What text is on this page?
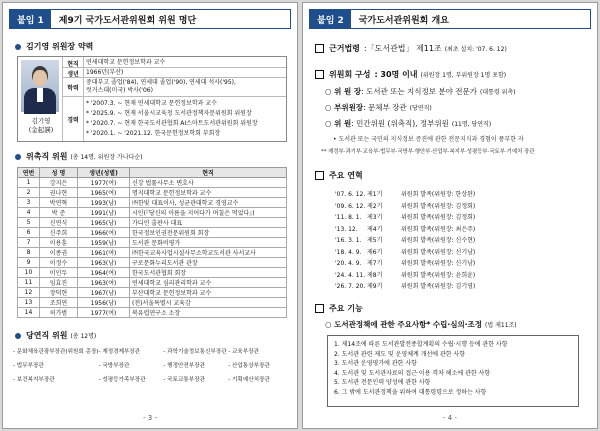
붙임 1	제9기 국가도서관위원회 위원 명단
김기영 위원장 약력
김기영
(金起韺)
현직	연세대학교 문헌정보학과 교수
생년	1966년(부산)
학력
중대부고 졸업('84), 연세대 졸업('90), 연세대 석사('95),
럿거스대(미국) 박사('06)
경력
* '2007.3. ~ 현재 연세대학교 문헌정보학과 교수
* '2025.9. ~ 현재 서울시교육청 도서관정책자문위원회 위원장
* '2020.7. ~ 현재 한국도서관협회 AI스마트도서관위원회 위원장
* '2020.1. ~ '2021.12. 한국문헌정보학회 부회장
위촉직 위원 (총 14명, 위원장 가나다순)
연번	성 명	생년(성별)	현직
1	강지은	1977(여)	신강 법률사무소 변호사
2	권나현	1965(여)	명지대학교 문헌정보학과 교수
3	박연혁	1993(남)	㈜한빛 대표이사, 성균관대학교 경영교수
4	박 준	1991(남)	시인(『당신의 이름을 지어다가 며칠은 먹었다』)
5	신연식	1965(남)	가디언 출판사 대표
6	신주희	1966(여)	한국정보인권전문위원회 회장
7	이용훈	1959(남)	도서관 문화비평가
8	이종권	1961(여)	㈜한국교육사업시설사무소학교도서관 사서교사
9	이정수	1963(남)	구로문화누리도서관 관장
10	이인두	1964(여)	한국도서관협회 회장
11	임효진	1963(여)	연세대학교 심리관리학과 교수
12	장덕현	1967(남)	부산대학교 문헌정보학과 교수
13	조희연	1956(남)	(전)서울특별시 교육감
14	허가범	1977(여)	북유럽연구소 소장
당연직 위원 (총 12명)
- 문화체육관광부장관(위원회 총장) - 재정경제부장관	- 과학기술정보통신부장관 - 교육부장관
- 법무부장관	- 국방부장관	- 행정안전부장관	- 산업통상부장관
- 보건복지부장관	- 성평등가족부장관	- 국토교통부장관	- 기획예산처장관
- 3 -
붙임 2	국가도서관위원회 개요
근거법령 :「도서관법」 제11조 (최초 설치: '07. 6. 12)
위원회 구성 : 30명 이내 (위원장 1명, 부위원장 1명 포함)
○ 위 원 장: 도서관 또는 지식정보 분야 전문가 (대통령 위촉)
○ 부위원장: 문체부 장관 (당연직)
○ 위 원: 민간위원 (위촉직), 정부위원 (11명, 당연직)
• 도서관 또는 국민의 지식정보 증진에 관한 전문지식과 경험이 풍부한 자
** 재경부·과기부·교육부·법무부·국방부·행안부·산업부·복지부·성평등부·국토부·기예처 장관
주요 연혁
'07. 6. 12. 제1기	위원회 발족(위원장: 한상완)
'09. 6. 12. 제2기	위원회 발족(위원장: 김정회)
'11. 8. 1. 제3기	위원회 발족(위원장: 김정회)
'13. 12.	제4기	위원회 발족(위원장: 최은주)
'16. 3. 1. 제5기	위원회 발족(위원장: 신수현)
'18. 4. 9. 제6기	위원회 발족(위원장: 신기남)
'20. 4. 9. 제7기	위원회 발족(위원장: 신기남)
'24. 4. 11. 제8기	위원회 발족(위원장: 윤희윤)
'26. 7. 20. 제9기	위원회 발족(위원장: 김기영)
주요 기능
○ 도서관정책에 관한 주요사항* 수립·심의·조정 (법 제11조)
1. 제14조에 따른 도서관발전종합계획의 수립·시행 등에 관한 사항
2. 도서관 관련 제도 및 운영체계 개선에 관한 사항
3. 도서관 운영평가에 관한 사항
4. 도서관 및 도서관자료의 접근·이용 격차 해소에 관한 사항
5. 도서관 전문인력 양성에 관한 사항
6. 그 밖에 도서관정책을 위하여 대통령령으로 정하는 사항
- 4 -
